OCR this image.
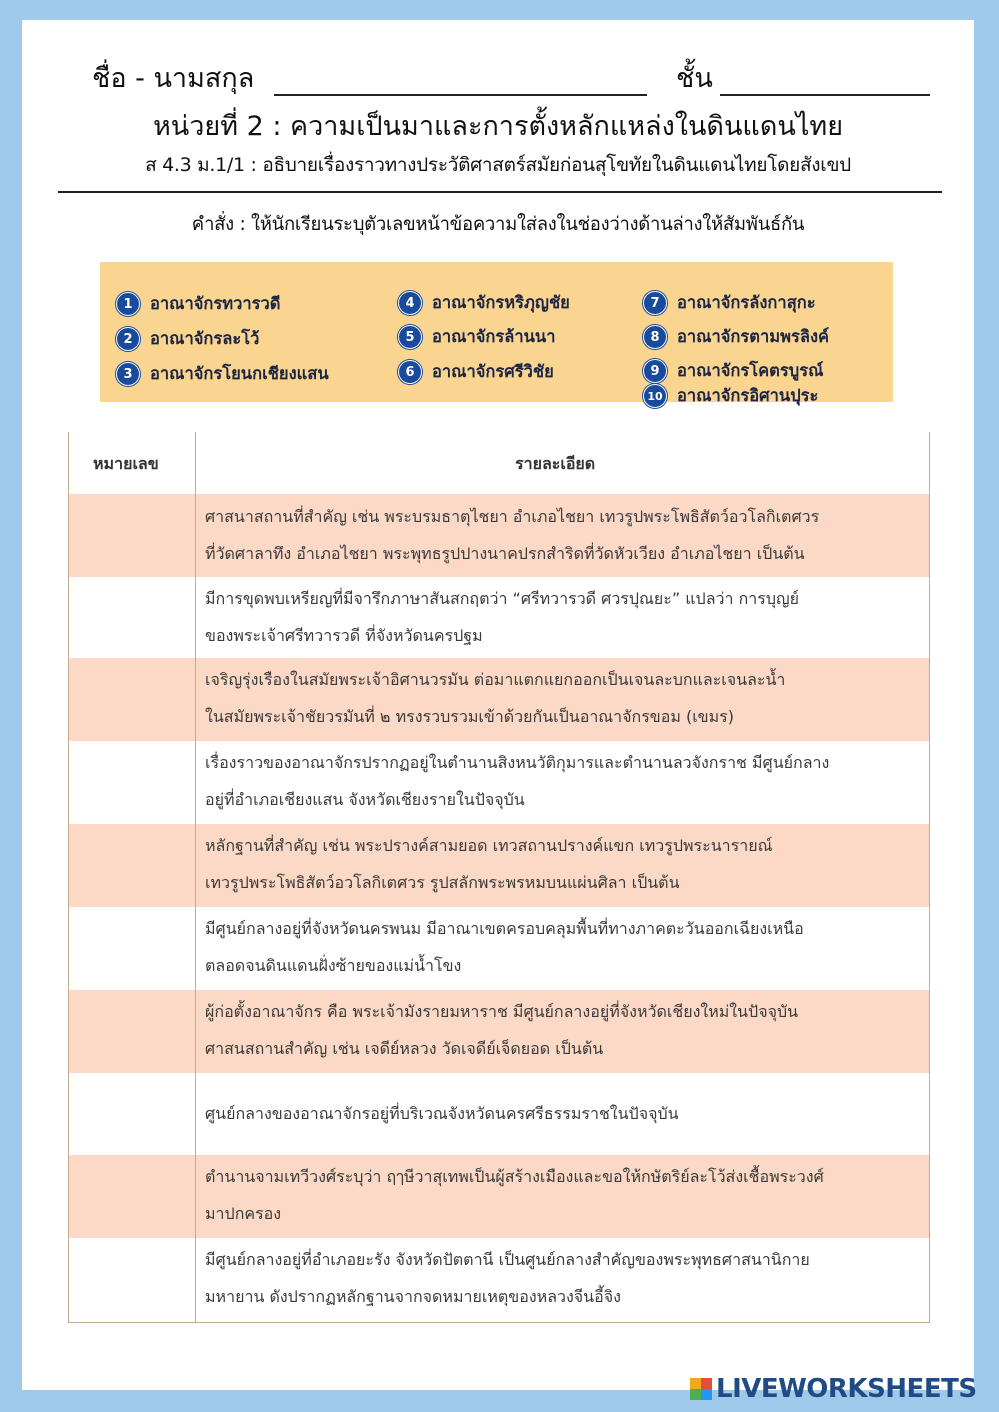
ชื่อ - นามสกุล	ชั้น
หน่วยที่ 2 : ความเป็นมาและการตั้งหลักแหล่งในดินแดนไทย
ส 4.3 ม.1/1 : อธิบายเรื่องราวทางประวัติศาสตร์สมัยก่อนสุโขทัยในดินแดนไทยโดยสังเขป
คำสั่ง : ให้นักเรียนระบุตัวเลขหน้าข้อความใส่ลงในช่องว่างด้านล่างให้สัมพันธ์กัน
1	อาณาจักรทวารวดี
2	อาณาจักรละโว้
3	อาณาจักรโยนกเชียงแสน
4	อาณาจักรหริภุญชัย
5	อาณาจักรล้านนา
6	อาณาจักรศรีวิชัย
7	อาณาจักรลังกาสุกะ
8	อาณาจักรตามพรลิงค์
9	อาณาจักรโคตรบูรณ์
10 อาณาจักรอิศานปุระ
หมายเลข	รายละเอียด
ศาสนาสถานที่สำคัญ เช่น พระบรมธาตุไชยา อำเภอไชยา เทวรูปพระโพธิสัตว์อวโลกิเตศวร
ที่วัดศาลาทึง อำเภอไชยา พระพุทธรูปปางนาคปรกสำริดที่วัดหัวเวียง อำเภอไชยา เป็นต้น
มีการขุดพบเหรียญที่มีจารึกภาษาสันสกฤตว่า “ศรีทวารวดี ศวรปุณยะ” แปลว่า การบุญย์
ของพระเจ้าศรีทวารวดี ที่จังหวัดนครปฐม
เจริญรุ่งเรืองในสมัยพระเจ้าอิศานวรมัน ต่อมาแตกแยกออกเป็นเจนละบกและเจนละน้ำ
ในสมัยพระเจ้าชัยวรมันที่ ๒ ทรงรวบรวมเข้าด้วยกันเป็นอาณาจักรขอม (เขมร)
เรื่องราวของอาณาจักรปรากฏอยู่ในตำนานสิงหนวัติกุมารและตำนานลวจังกราช มีศูนย์กลาง
อยู่ที่อำเภอเชียงแสน จังหวัดเชียงรายในปัจจุบัน
หลักฐานที่สำคัญ เช่น พระปรางค์สามยอด เทวสถานปรางค์แขก เทวรูปพระนารายณ์
เทวรูปพระโพธิสัตว์อวโลกิเตศวร รูปสลักพระพรหมบนแผ่นศิลา เป็นต้น
มีศูนย์กลางอยู่ที่จังหวัดนครพนม มีอาณาเขตครอบคลุมพื้นที่ทางภาคตะวันออกเฉียงเหนือ
ตลอดจนดินแดนฝั่งซ้ายของแม่น้ำโขง
ผู้ก่อตั้งอาณาจักร คือ พระเจ้ามังรายมหาราช มีศูนย์กลางอยู่ที่จังหวัดเชียงใหม่ในปัจจุบัน
ศาสนสถานสำคัญ เช่น เจดีย์หลวง วัดเจดีย์เจ็ดยอด เป็นต้น
ศูนย์กลางของอาณาจักรอยู่ที่บริเวณจังหวัดนครศรีธรรมราชในปัจจุบัน
ตำนานจามเทวีวงศ์ระบุว่า ฤๅษีวาสุเทพเป็นผู้สร้างเมืองและขอให้กษัตริย์ละโว้ส่งเชื้อพระวงศ์
มาปกครอง
มีศูนย์กลางอยู่ที่อำเภอยะรัง จังหวัดปัตตานี เป็นศูนย์กลางสำคัญของพระพุทธศาสนานิกาย
มหายาน ดังปรากฏหลักฐานจากจดหมายเหตุของหลวงจีนอี้จิง
LIVEWORKSHEETS
